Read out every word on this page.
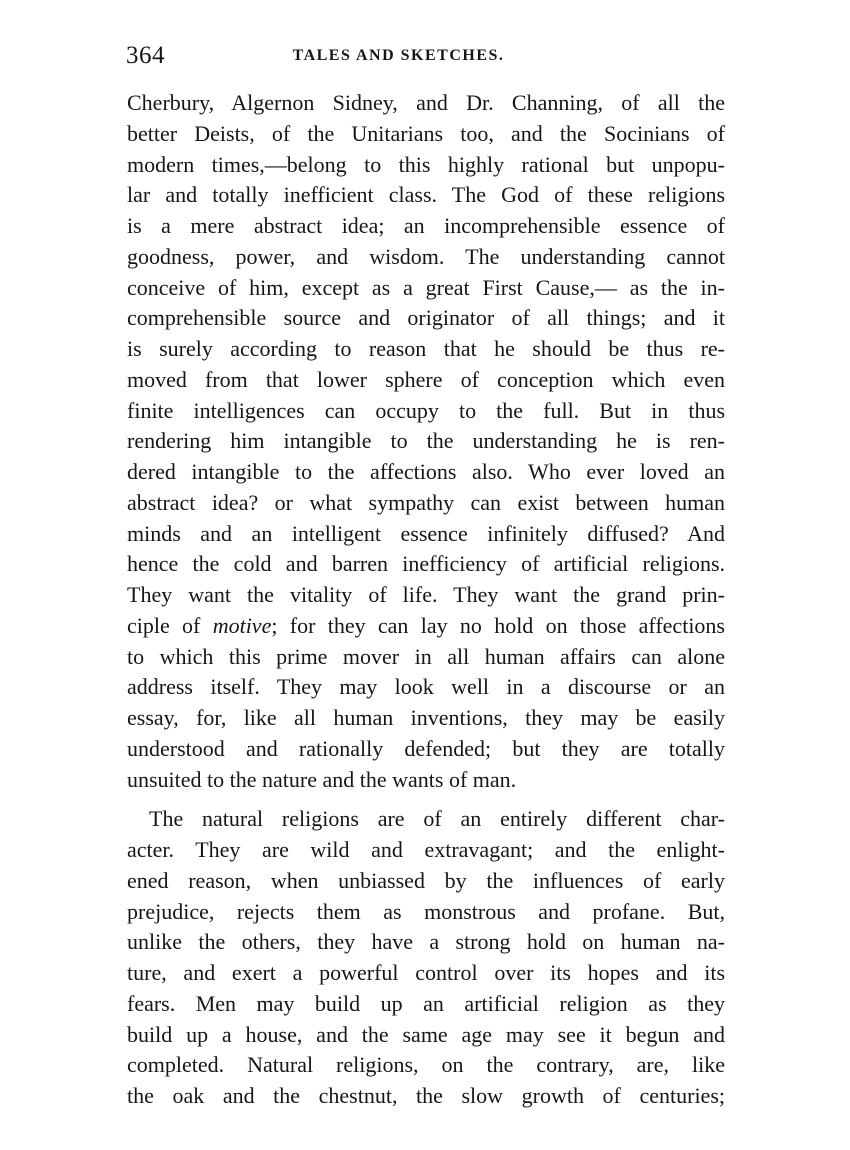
364	TALES AND SKETCHES.
Cherbury, Algernon Sidney, and Dr. Channing, of all the
better Deists, of the Unitarians too, and the Socinians of
modern times,—belong to this highly rational but unpopu-
lar and totally inefficient class. The God of these religions
is a mere abstract idea; an incomprehensible essence of
goodness, power, and wisdom. The understanding cannot
conceive of him, except as a great First Cause,— as the in-
comprehensible source and originator of all things; and it
is surely according to reason that he should be thus re-
moved from that lower sphere of conception which even
finite intelligences can occupy to the full. But in thus
rendering him intangible to the understanding he is ren-
dered intangible to the affections also. Who ever loved an
abstract idea? or what sympathy can exist between human
minds and an intelligent essence infinitely diffused? And
hence the cold and barren inefficiency of artificial religions.
They want the vitality of life. They want the grand prin-
ciple of motive; for they can lay no hold on those affections
to which this prime mover in all human affairs can alone
address itself. They may look well in a discourse or an
essay, for, like all human inventions, they may be easily
understood and rationally defended; but they are totally
unsuited to the nature and the wants of man.
The natural religions are of an entirely different char-
acter. They are wild and extravagant; and the enlight-
ened reason, when unbiassed by the influences of early
prejudice, rejects them as monstrous and profane. But,
unlike the others, they have a strong hold on human na-
ture, and exert a powerful control over its hopes and its
fears. Men may build up an artificial religion as they
build up a house, and the same age may see it begun and
completed. Natural religions, on the contrary, are, like
the oak and the chestnut, the slow growth of centuries;
